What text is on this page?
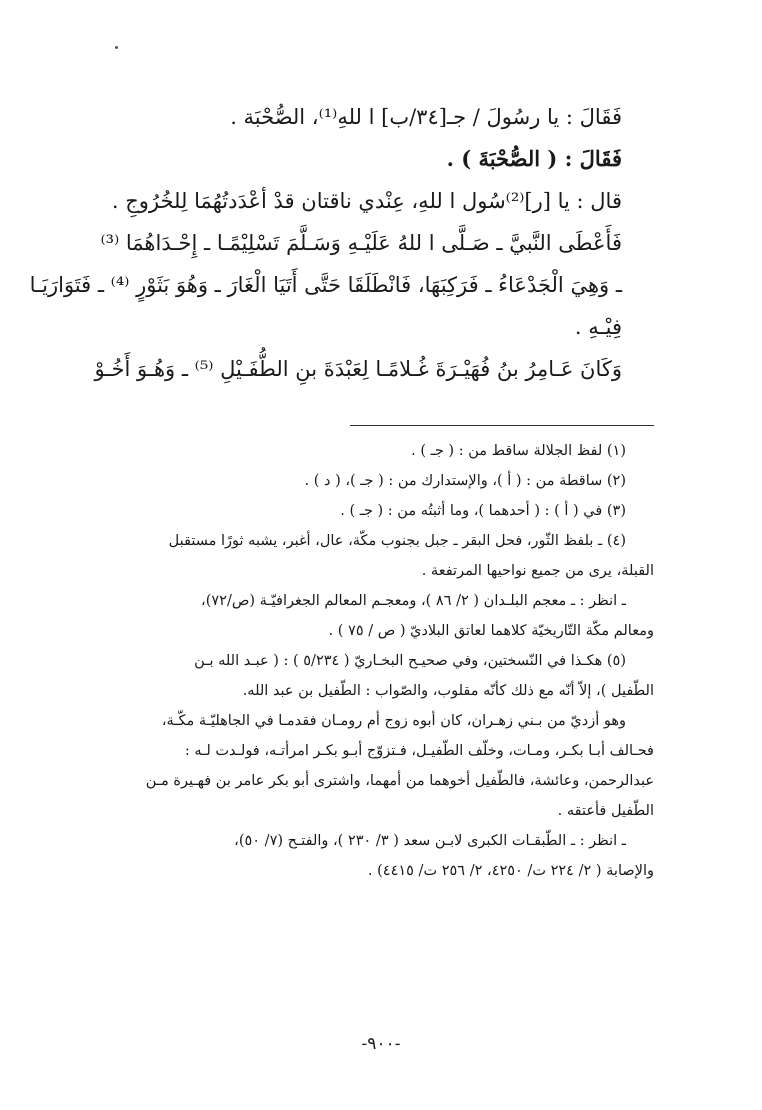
فَقَالَ : يا رسُولَ / جـ[٣٤/ب] ا للهِ⁽¹⁾، الصُّحْبَة .

فَقَالَ : ( الصُّحْبَةَ ) .

قال : يا [ر]⁽²⁾سُول ا للهِ، عِنْدي ناقتان قدْ أعْدَدتُهُمَا لِلخُرُوجِ .

فَأَعْطَى النَّبيَّ ـ صَـلَّى ا للهُ عَلَيْـهِ وَسَـلَّمَ تَسْلِيْمًـا ـ إِحْـدَاهُمَا ⁽³⁾

ـ وَهِيَ الْجَدْعَاءُ ـ فَرَكِبَهَا، فَانْطَلَقَا حَتَّى أَتَيَا الْغَارَ ـ وَهُوَ بَثَوْرٍ ⁽⁴⁾ ـ فَتَوَارَيَـا

فِيْـهِ .

وَكَانَ عَـامِرُ بنُ فُهَيْـرَةَ غُـلامًـا لِعَبْدَةَ بنِ الطُّفَـيْلِ ⁽⁵⁾ ـ وَهُـوَ أَخُـوْ

(١) لفظ الجلالة ساقط من : ( جـ ) .

(٢) ساقطة من : ( أ )، والإستدارك من : ( جـ )، ( د ) .

(٣) في ( أ ) : ( أحدهما )، وما أثبتُه من : ( جـ ) .

(٤) ـ بلفظ الثّور، فحل البقر ـ جبل بجنوب مكّة، عال، أغبر، يشبه ثورًا مستقبل

القبلة، يرى من جميع نواحيها المرتفعة .

ـ انظر : ـ معجم البلـدان ( ٢/ ٨٦ )، ومعجـم المعالم الجغرافيّـة (ص/٧٢)،

ومعالم مكّة التّاريخيّة كلاهما لعاتق البلاديّ ( ص / ٧٥ ) .

(٥) هكـذا في النّسختين، وفي صحيـح البخـاريّ ( ٥/٢٣٤ ) : ( عبـد الله بـن

الطّفيل )، إلاّ أنّه مع ذلك كأنّه مقلوب، والصّواب : الطّفيل بن عبد الله.

وهو أزديّ من بـني زهـران، كان أبوه زوج أم رومـان فقدمـا في الجاهليّـة مكّـة،

فحـالف أبـا بكـر، ومـات، وخلّف الطّفيـل، فـتزوّج أبـو بكـر امرأتـه، فولـدت لـه :

عبدالرحمن، وعائشة، فالطّفيل أخوهما من أمهما، واشترى أبو بكر عامر بن فهـيرة مـن

الطّفيل فأعتقه .

ـ انظر : ـ الطّبقـات الكبرى لابـن سعد ( ٣/ ٢٣٠ )، والفتـح (٧/ ٥٠)،

والإصابة ( ٢/ ٢٢٤ ت/ ٤٢٥٠، ٢/ ٢٥٦ ت/ ٤٤١٥) .

-٩٠٠-
